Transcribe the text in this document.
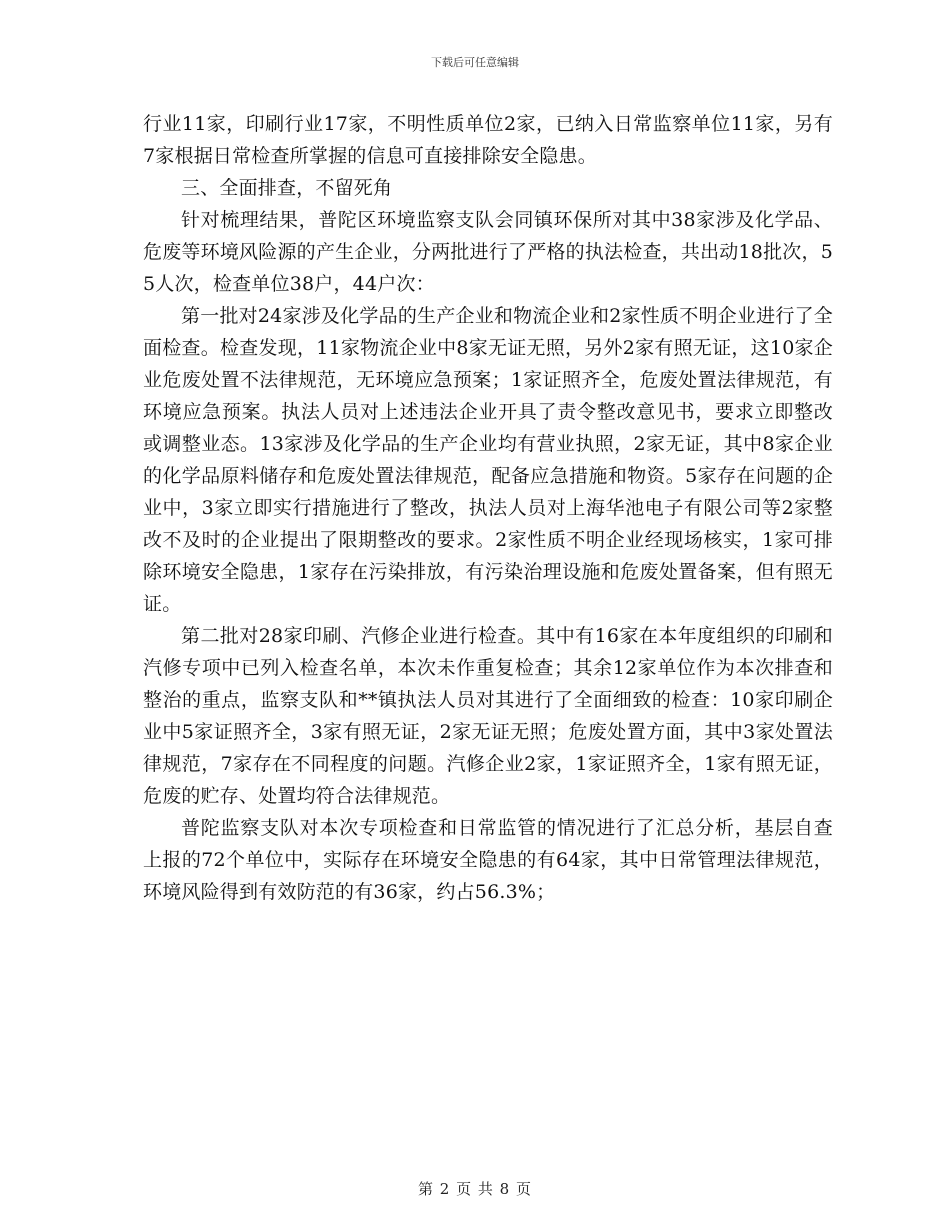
下载后可任意编辑

行业11家，印刷行业17家，不明性质单位2家，已纳入日常监察单位11家，另有7家根据日常检查所掌握的信息可直接排除安全隐患。

三、全面排查，不留死角

针对梳理结果，普陀区环境监察支队会同镇环保所对其中38家涉及化学品、危废等环境风险源的产生企业，分两批进行了严格的执法检查，共出动18批次，55人次，检查单位38户，44户次：

第一批对24家涉及化学品的生产企业和物流企业和2家性质不明企业进行了全面检查。检查发现，11家物流企业中8家无证无照，另外2家有照无证，这10家企业危废处置不法律规范，无环境应急预案；1家证照齐全，危废处置法律规范，有环境应急预案。执法人员对上述违法企业开具了责令整改意见书，要求立即整改或调整业态。13家涉及化学品的生产企业均有营业执照，2家无证，其中8家企业的化学品原料储存和危废处置法律规范，配备应急措施和物资。5家存在问题的企业中，3家立即实行措施进行了整改，执法人员对上海华池电子有限公司等2家整改不及时的企业提出了限期整改的要求。2家性质不明企业经现场核实，1家可排除环境安全隐患，1家存在污染排放，有污染治理设施和危废处置备案，但有照无证。

第二批对28家印刷、汽修企业进行检查。其中有16家在本年度组织的印刷和汽修专项中已列入检查名单，本次未作重复检查；其余12家单位作为本次排查和整治的重点，监察支队和**镇执法人员对其进行了全面细致的检查：10家印刷企业中5家证照齐全，3家有照无证，2家无证无照；危废处置方面，其中3家处置法律规范，7家存在不同程度的问题。汽修企业2家，1家证照齐全，1家有照无证，危废的贮存、处置均符合法律规范。

普陀监察支队对本次专项检查和日常监管的情况进行了汇总分析，基层自查上报的72个单位中，实际存在环境安全隐患的有64家，其中日常管理法律规范，环境风险得到有效防范的有36家，约占56.3%；

第 2 页 共 8 页
